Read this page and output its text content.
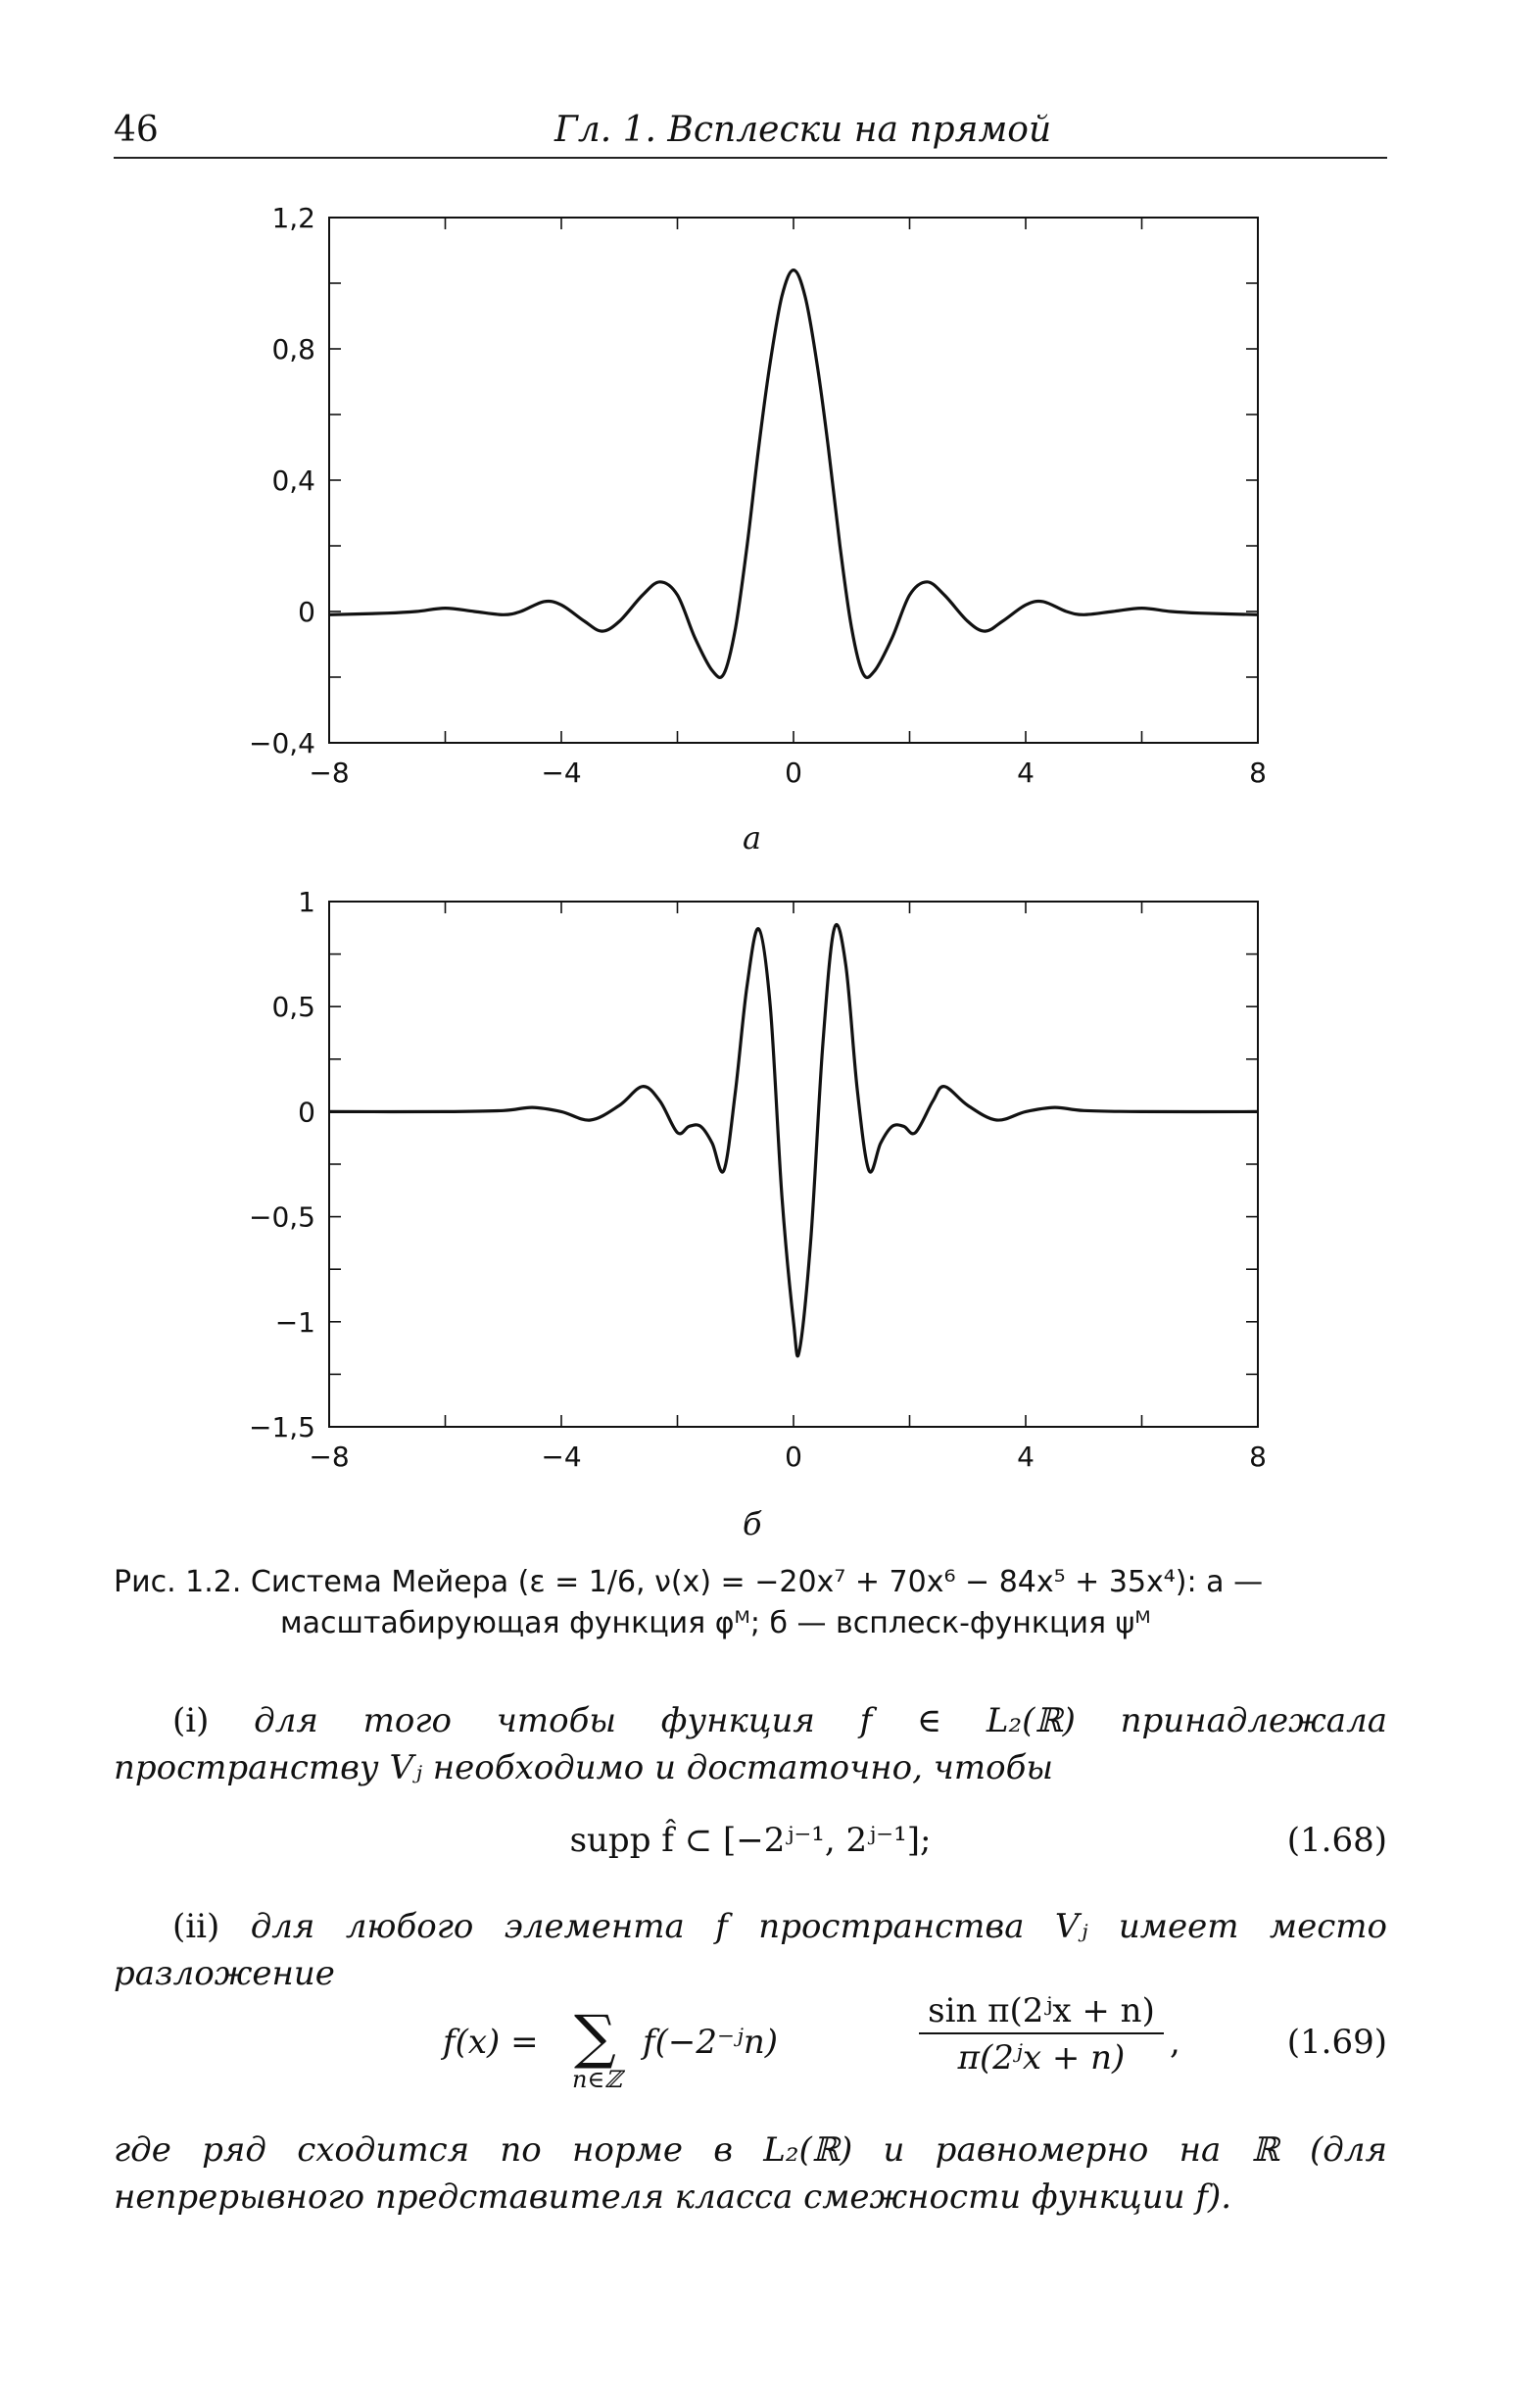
46	Гл. 1. Всплески на прямой
−8	−4	0	4	8
1,2
0,8
0,4
0
−0,4
а
−8	−4	0	4	8
1
0,5
0
−0,5
−1
−1,5
б
Рис. 1.2. Система Мейера (ε = 1/6, ν(x) = −20x⁷ + 70x⁶ − 84x⁵ + 35x⁴): а —
масштабирующая функция φᴹ; б — всплеск-функция ψᴹ
(i) для того чтобы функция f ∈ L₂(ℝ) принадлежала пространству Vⱼ необходимо и достаточно, чтобы
supp f̂ ⊂ [−2ʲ⁻¹, 2ʲ⁻¹];	(1.68)
(ii) для любого элемента f пространства Vⱼ имеет место разложение
f(x) = ∑
n∈ℤ
f(−2⁻ʲn)	$\frac{\text{sin π(2ʲx + n)}}{\text{π(2ʲx + n)}}$ ,	(1.69)
где ряд сходится по норме в L₂(ℝ) и равномерно на ℝ (для непрерывного представителя класса смежности функции f).
